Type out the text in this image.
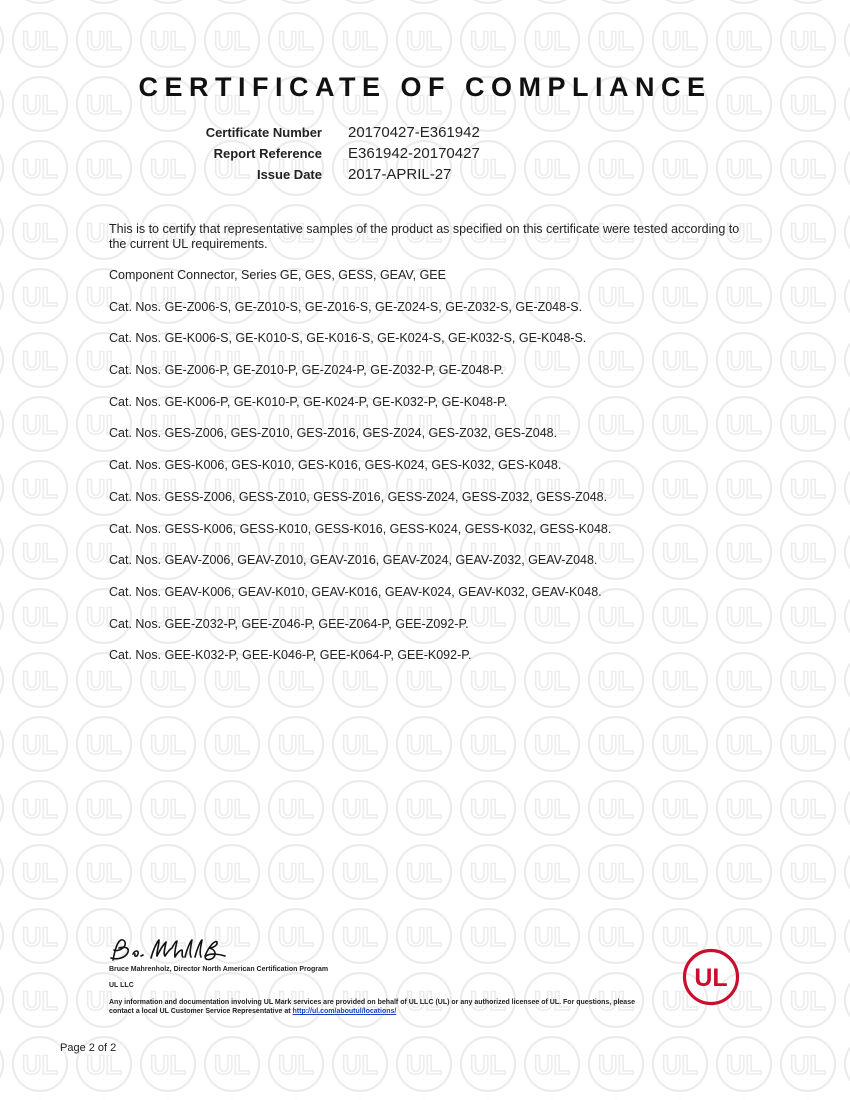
CERTIFICATE OF COMPLIANCE
Certificate Number	20170427-E361942
Report Reference	E361942-20170427
Issue Date	2017-APRIL-27

This is to certify that representative samples of the product as specified on this certificate were tested according to the current UL requirements.

Component Connector, Series GE, GES, GESS, GEAV, GEE

Cat. Nos. GE-Z006-S, GE-Z010-S, GE-Z016-S, GE-Z024-S, GE-Z032-S, GE-Z048-S.
Cat. Nos. GE-K006-S, GE-K010-S, GE-K016-S, GE-K024-S, GE-K032-S, GE-K048-S.
Cat. Nos. GE-Z006-P, GE-Z010-P, GE-Z024-P, GE-Z032-P, GE-Z048-P.
Cat. Nos. GE-K006-P, GE-K010-P, GE-K024-P, GE-K032-P, GE-K048-P.
Cat. Nos. GES-Z006, GES-Z010, GES-Z016, GES-Z024, GES-Z032, GES-Z048.
Cat. Nos. GES-K006, GES-K010, GES-K016, GES-K024, GES-K032, GES-K048.
Cat. Nos. GESS-Z006, GESS-Z010, GESS-Z016, GESS-Z024, GESS-Z032, GESS-Z048.
Cat. Nos. GESS-K006, GESS-K010, GESS-K016, GESS-K024, GESS-K032, GESS-K048.
Cat. Nos. GEAV-Z006, GEAV-Z010, GEAV-Z016, GEAV-Z024, GEAV-Z032, GEAV-Z048.
Cat. Nos. GEAV-K006, GEAV-K010, GEAV-K016, GEAV-K024, GEAV-K032, GEAV-K048.
Cat. Nos. GEE-Z032-P, GEE-Z046-P, GEE-Z064-P, GEE-Z092-P.
Cat. Nos. GEE-K032-P, GEE-K046-P, GEE-K064-P, GEE-K092-P.
Bruce Mahrenholz, Director North American Certification Program
UL LLC
Any information and documentation involving UL Mark services are provided on behalf of UL LLC (UL) or any authorized licensee of UL. For questions, please contact a local UL Customer Service Representative at http://ul.com/aboutul/locations/
UL
Page 2 of 2
